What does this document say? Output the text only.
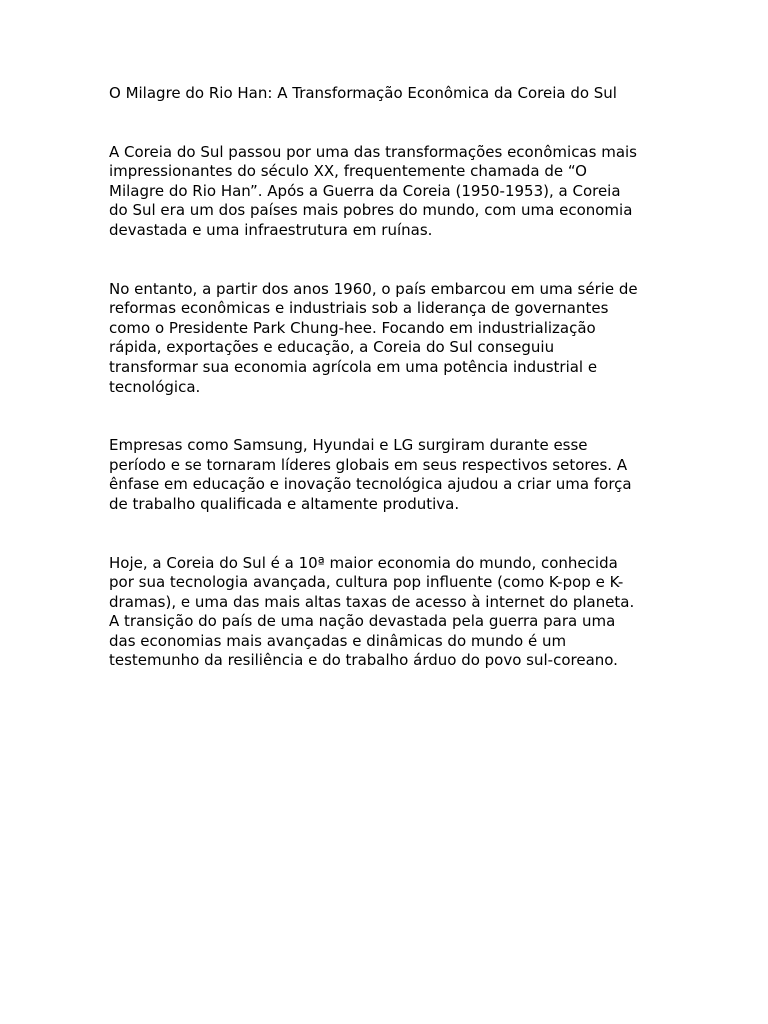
O Milagre do Rio Han: A Transformação Econômica da Coreia do Sul

A Coreia do Sul passou por uma das transformações econômicas mais
impressionantes do século XX, frequentemente chamada de “O
Milagre do Rio Han”. Após a Guerra da Coreia (1950-1953), a Coreia
do Sul era um dos países mais pobres do mundo, com uma economia
devastada e uma infraestrutura em ruínas.

No entanto, a partir dos anos 1960, o país embarcou em uma série de
reformas econômicas e industriais sob a liderança de governantes
como o Presidente Park Chung-hee. Focando em industrialização
rápida, exportações e educação, a Coreia do Sul conseguiu
transformar sua economia agrícola em uma potência industrial e
tecnológica.

Empresas como Samsung, Hyundai e LG surgiram durante esse
período e se tornaram líderes globais em seus respectivos setores. A
ênfase em educação e inovação tecnológica ajudou a criar uma força
de trabalho qualificada e altamente produtiva.

Hoje, a Coreia do Sul é a 10ª maior economia do mundo, conhecida
por sua tecnologia avançada, cultura pop influente (como K-pop e K-
dramas), e uma das mais altas taxas de acesso à internet do planeta.
A transição do país de uma nação devastada pela guerra para uma
das economias mais avançadas e dinâmicas do mundo é um
testemunho da resiliência e do trabalho árduo do povo sul-coreano.
